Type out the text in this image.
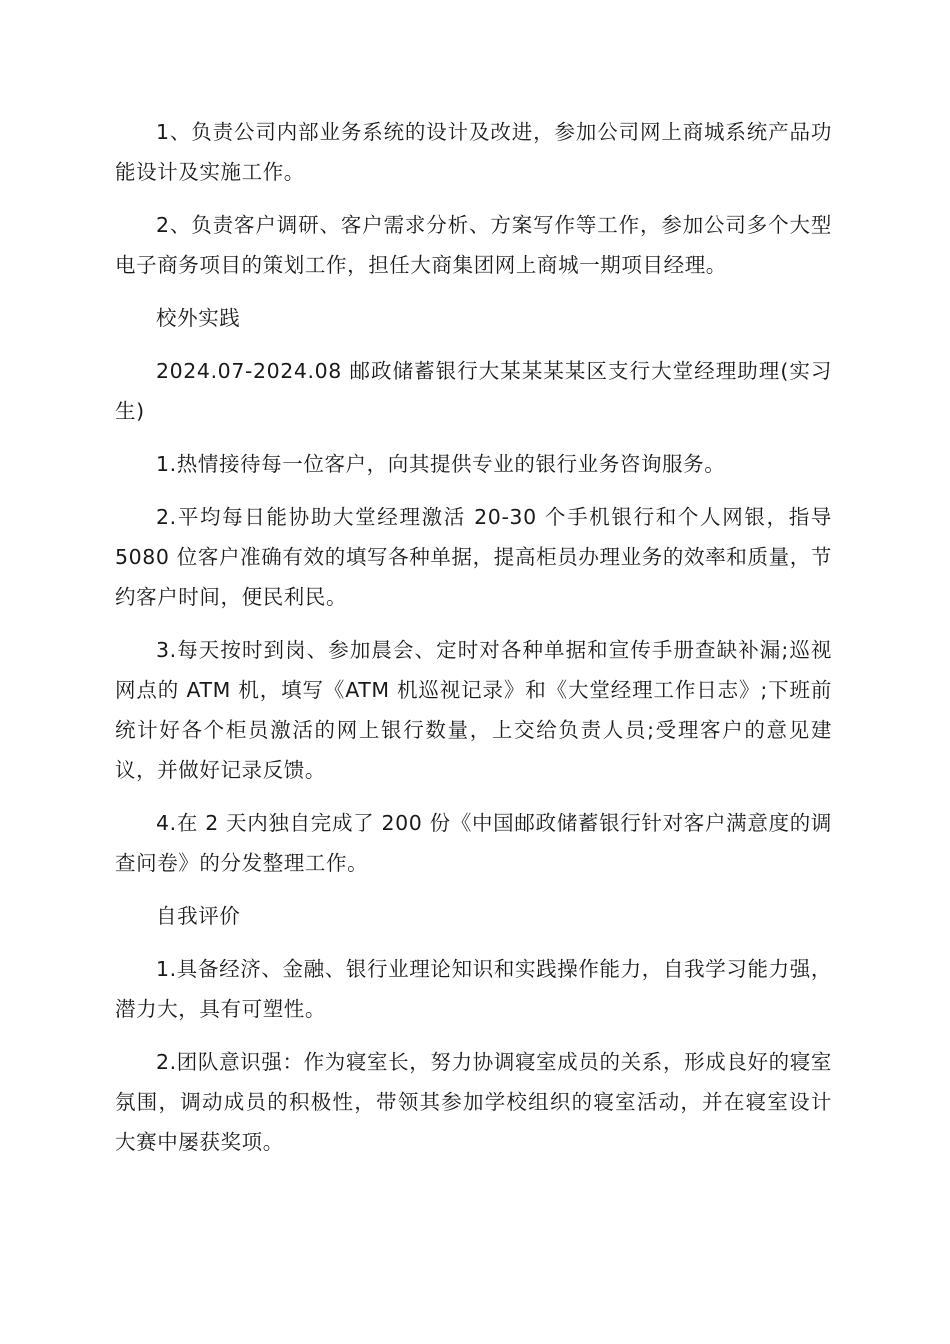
1、负责公司内部业务系统的设计及改进，参加公司网上商城系统产品功能设计及实施工作。

2、负责客户调研、客户需求分析、方案写作等工作，参加公司多个大型电子商务项目的策划工作，担任大商集团网上商城一期项目经理。

校外实践

2024.07-2024.08 邮政储蓄银行大某某某某区支行大堂经理助理(实习生)

1.热情接待每一位客户，向其提供专业的银行业务咨询服务。

2.平均每日能协助大堂经理激活 20-30 个手机银行和个人网银，指导5080 位客户准确有效的填写各种单据，提高柜员办理业务的效率和质量，节约客户时间，便民利民。

3.每天按时到岗、参加晨会、定时对各种单据和宣传手册查缺补漏;巡视网点的 ATM 机，填写《ATM 机巡视记录》和《大堂经理工作日志》;下班前统计好各个柜员激活的网上银行数量，上交给负责人员;受理客户的意见建议，并做好记录反馈。

4.在 2 天内独自完成了 200 份《中国邮政储蓄银行针对客户满意度的调查问卷》的分发整理工作。

自我评价

1.具备经济、金融、银行业理论知识和实践操作能力，自我学习能力强，潜力大，具有可塑性。

2.团队意识强：作为寝室长，努力协调寝室成员的关系，形成良好的寝室氛围，调动成员的积极性，带领其参加学校组织的寝室活动，并在寝室设计大赛中屡获奖项。
